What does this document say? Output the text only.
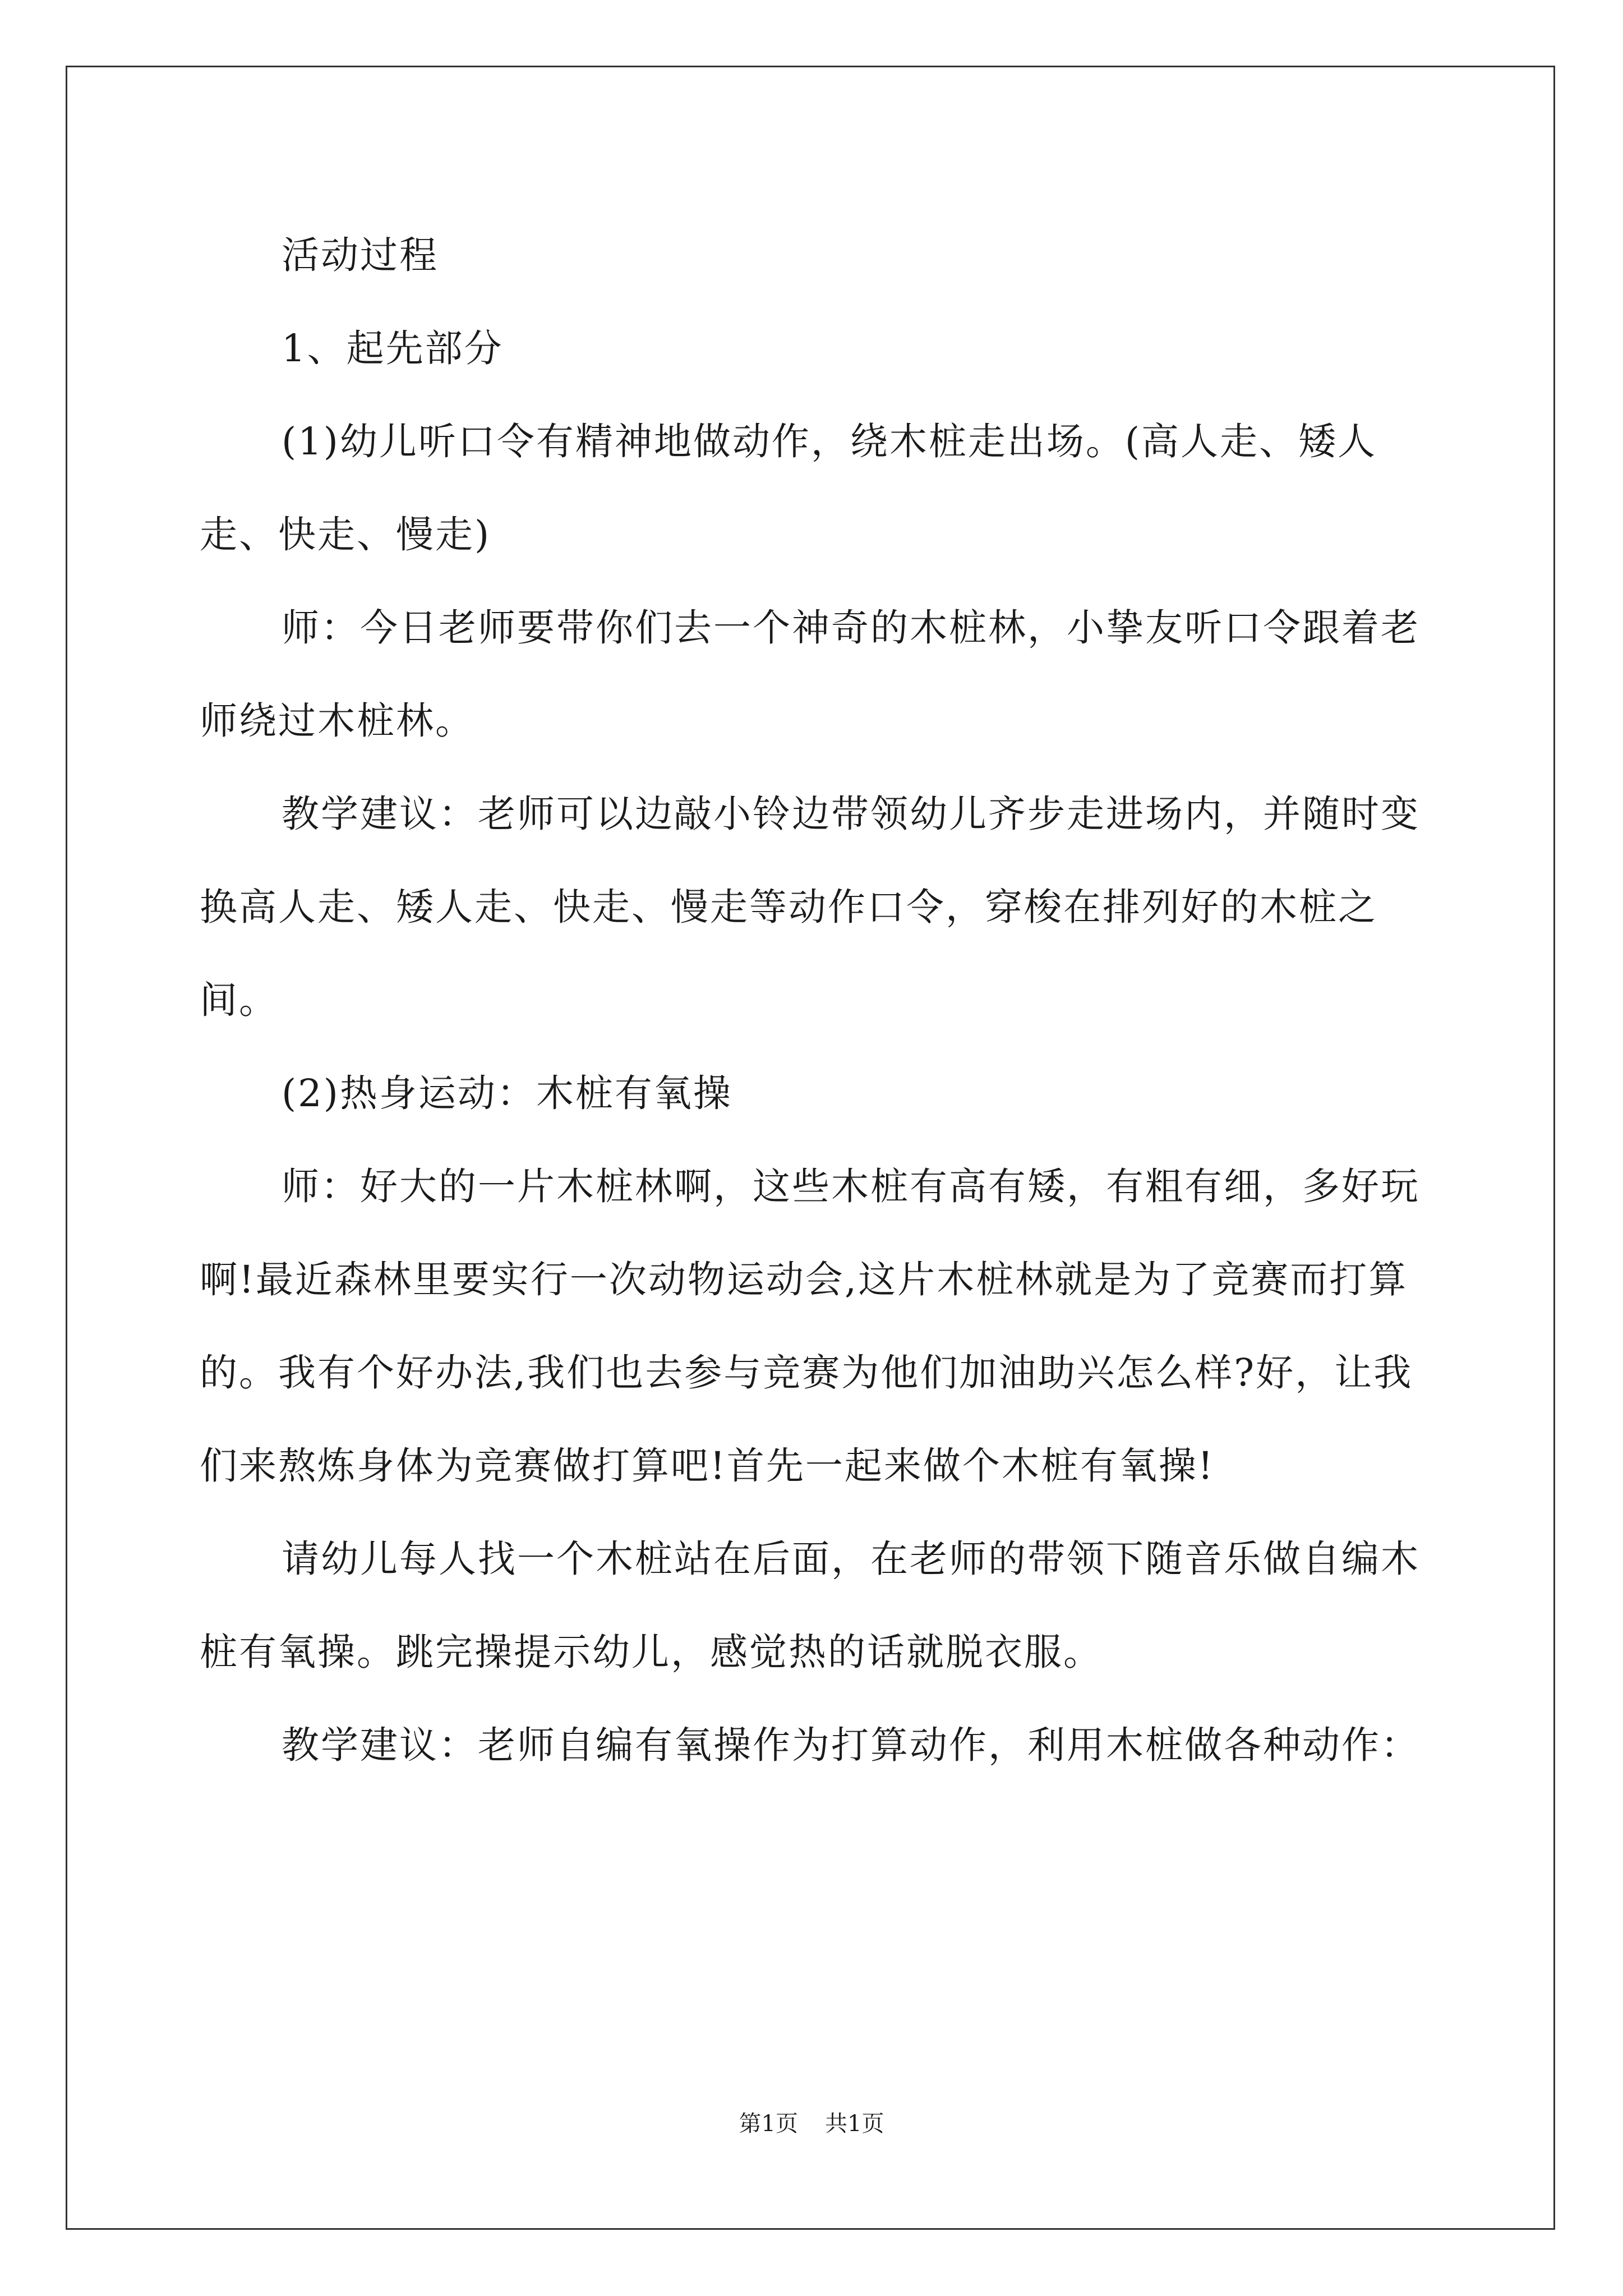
活动过程

1、起先部分

(1)幼儿听口令有精神地做动作，绕木桩走出场。(高人走、矮人走、快走、慢走)

师：今日老师要带你们去一个神奇的木桩林，小挚友听口令跟着老师绕过木桩林。

教学建议：老师可以边敲小铃边带领幼儿齐步走进场内，并随时变换高人走、矮人走、快走、慢走等动作口令，穿梭在排列好的木桩之间。

(2)热身运动：木桩有氧操

师：好大的一片木桩林啊，这些木桩有高有矮，有粗有细，多好玩啊!最近森林里要实行一次动物运动会,这片木桩林就是为了竞赛而打算的。我有个好办法,我们也去参与竞赛为他们加油助兴怎么样?好，让我们来熬炼身体为竞赛做打算吧!首先一起来做个木桩有氧操!

请幼儿每人找一个木桩站在后面，在老师的带领下随音乐做自编木桩有氧操。跳完操提示幼儿，感觉热的话就脱衣服。

教学建议：老师自编有氧操作为打算动作，利用木桩做各种动作：

第1页 共1页
